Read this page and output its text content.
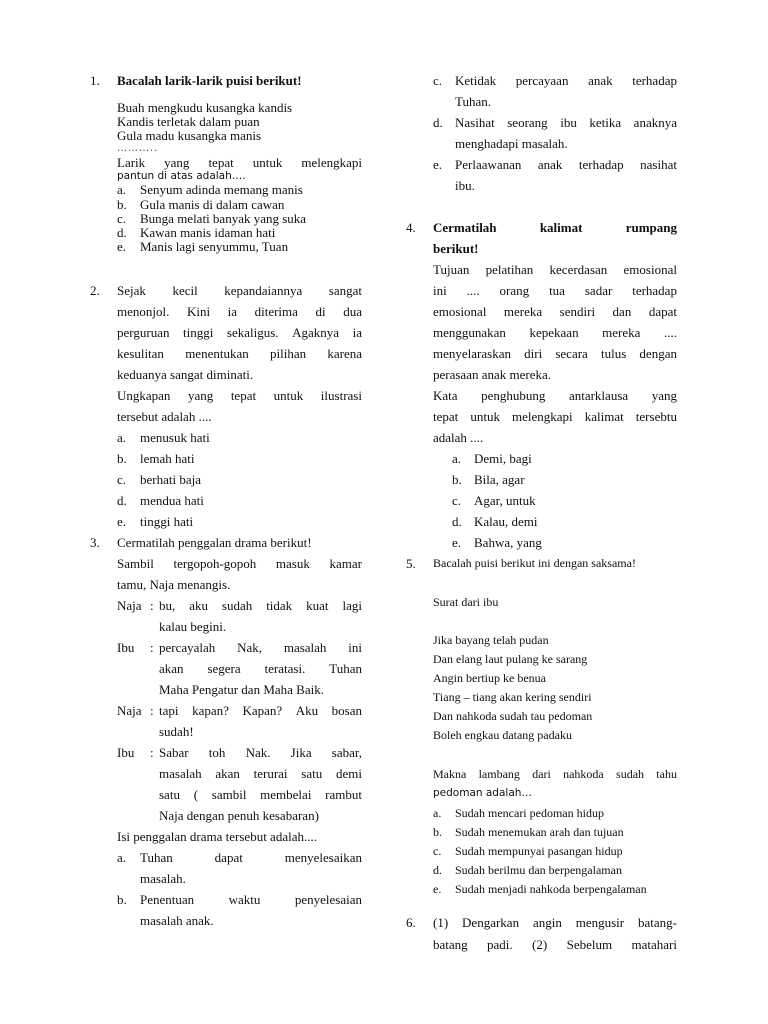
1. Bacalah larik-larik puisi berikut!
Buah mengkudu kusangka kandis
Kandis terletak dalam puan
Gula madu kusangka manis
………..
Larik yang tepat untuk melengkapi
pantun di atas adalah….
a. Senyum adinda memang manis
b. Gula manis di dalam cawan
c. Bunga melati banyak yang suka
d. Kawan manis idaman hati
e. Manis lagi senyummu, Tuan
2. Sejak kecil kepandaiannya sangat
menonjol. Kini ia diterima di dua
perguruan tinggi sekaligus. Agaknya ia
kesulitan menentukan pilihan karena
keduanya sangat diminati.
Ungkapan yang tepat untuk ilustrasi
tersebut adalah ....
a. menusuk hati
b. lemah hati
c. berhati baja
d. mendua hati
e. tinggi hati
3. Cermatilah penggalan drama berikut!
Sambil tergopoh-gopoh masuk kamar
tamu, Naja menangis.
Naja : bu, aku sudah tidak kuat lagi
kalau begini.
Ibu : percayalah Nak, masalah ini
akan segera teratasi. Tuhan
Maha Pengatur dan Maha Baik.
Naja : tapi kapan? Kapan? Aku bosan
sudah!
Ibu : Sabar toh Nak. Jika sabar,
masalah akan terurai satu demi
satu ( sambil membelai rambut
Naja dengan penuh kesabaran)
Isi penggalan drama tersebut adalah....
a. Tuhan	dapat	menyelesaikan
masalah.
b. Penentuan	waktu	penyelesaian
masalah anak.
c. Ketidak percayaan anak terhadap
Tuhan.
d. Nasihat seorang ibu ketika anaknya
menghadapi masalah.
e. Perlaawanan anak terhadap nasihat
ibu.
4. Cermatilah	kalimat	rumpang
berikut!
Tujuan pelatihan kecerdasan emosional
ini .... orang tua sadar terhadap
emosional mereka sendiri dan dapat
menggunakan kepekaan mereka ....
menyelaraskan diri secara tulus dengan
perasaan anak mereka.
Kata penghubung antarklausa yang
tepat untuk melengkapi kalimat tersebtu
adalah ....
a. Demi, bagi
b. Bila, agar
c. Agar, untuk
d. Kalau, demi
e. Bahwa, yang
5. Bacalah puisi berikut ini dengan saksama!
Surat dari ibu
Jika bayang telah pudan
Dan elang laut pulang ke sarang
Angin bertiup ke benua
Tiang – tiang akan kering sendiri
Dan nahkoda sudah tau pedoman
Boleh engkau datang padaku
Makna lambang dari nahkoda sudah tahu
pedoman adalah…
a. Sudah mencari pedoman hidup
b. Sudah menemukan arah dan tujuan
c. Sudah mempunyai pasangan hidup
d. Sudah berilmu dan berpengalaman
e. Sudah menjadi nahkoda berpengalaman
6. (1) Dengarkan angin mengusir batang-
batang padi. (2) Sebelum matahari
